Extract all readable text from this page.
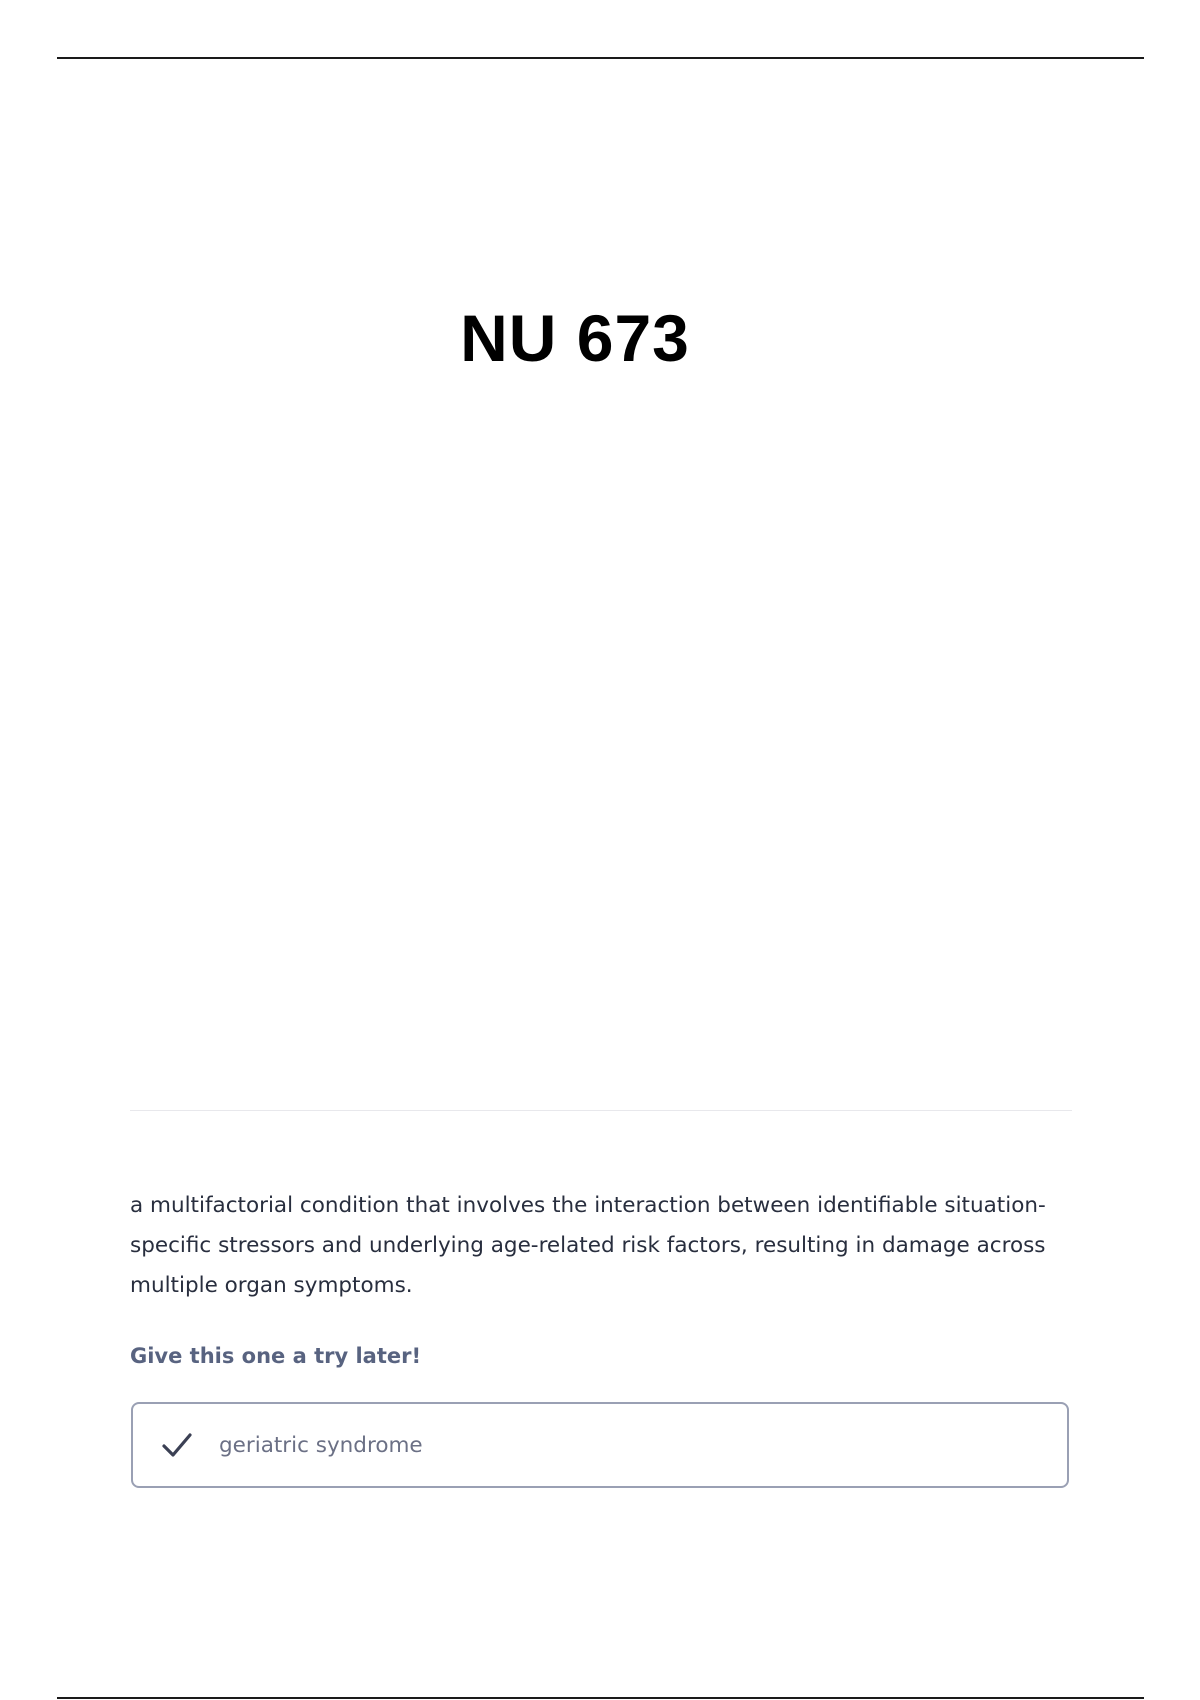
NU 673

a multifactorial condition that involves the interaction between identifiable situation-specific stressors and underlying age-related risk factors, resulting in damage across multiple organ symptoms.

Give this one a try later!

geriatric syndrome
